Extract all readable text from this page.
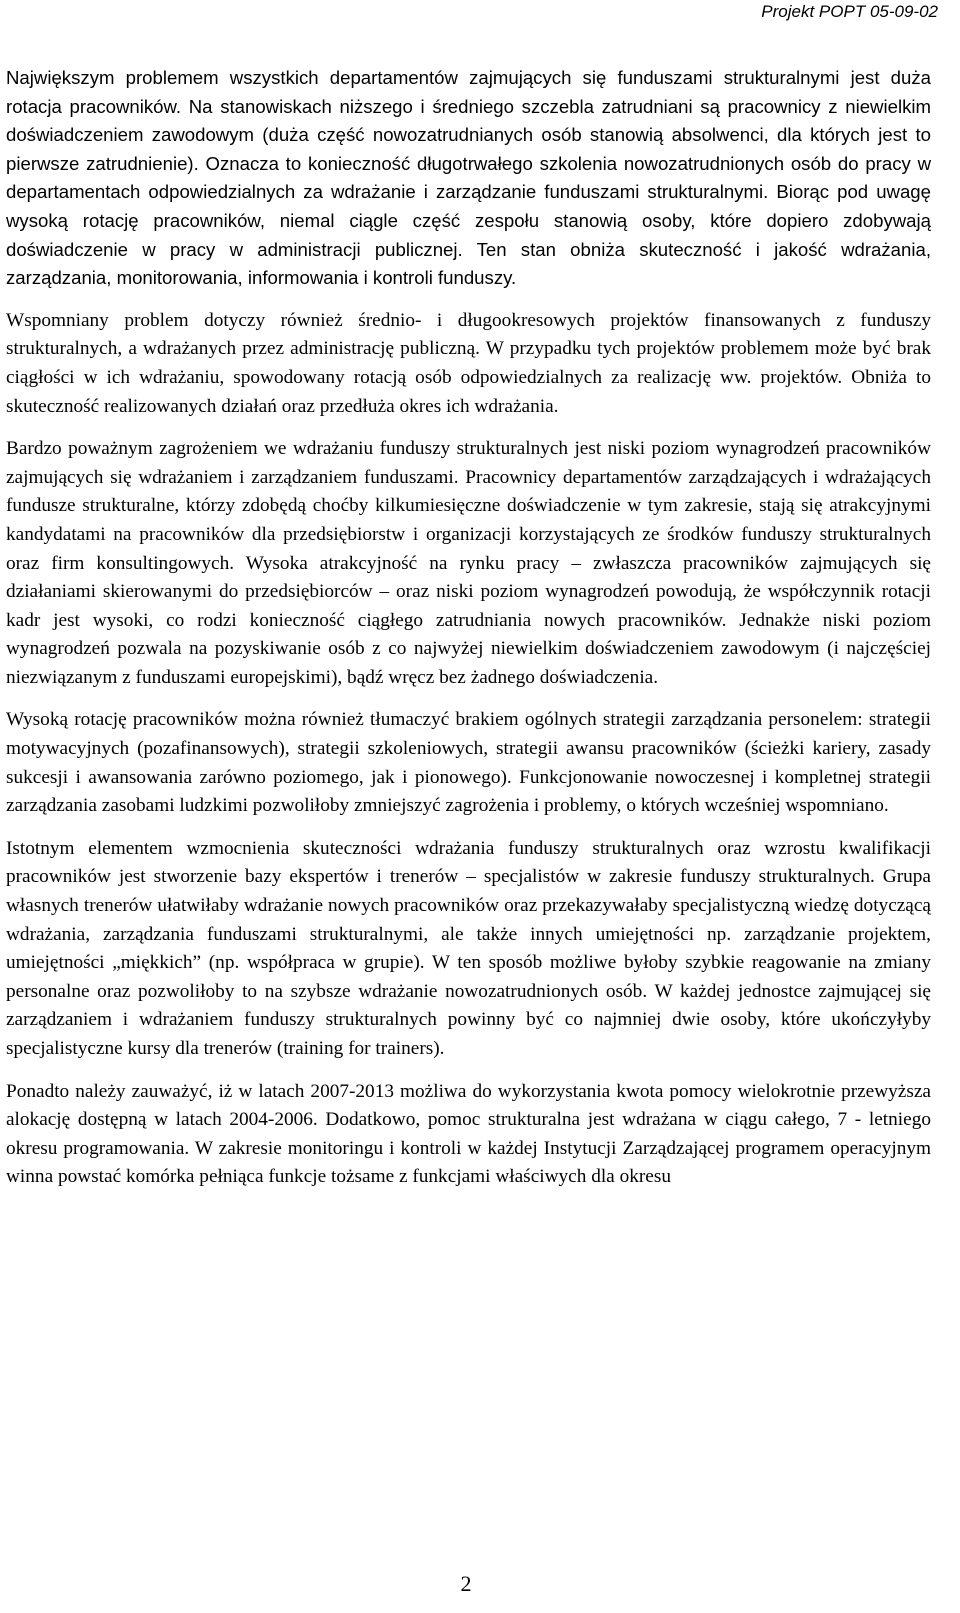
Projekt POPT 05-09-02

Największym problemem wszystkich departamentów zajmujących się funduszami strukturalnymi jest duża rotacja pracowników. Na stanowiskach niższego i średniego szczebla zatrudniani są pracownicy z niewielkim doświadczeniem zawodowym (duża część nowozatrudnianych osób stanowią absolwenci, dla których jest to pierwsze zatrudnienie). Oznacza to konieczność długotrwałego szkolenia nowozatrudnionych osób do pracy w departamentach odpowiedzialnych za wdrażanie i zarządzanie funduszami strukturalnymi. Biorąc pod uwagę wysoką rotację pracowników, niemal ciągle część zespołu stanowią osoby, które dopiero zdobywają doświadczenie w pracy w administracji publicznej. Ten stan obniża skuteczność i jakość wdrażania, zarządzania, monitorowania, informowania i kontroli funduszy.

Wspomniany problem dotyczy również średnio- i długookresowych projektów finansowanych z funduszy strukturalnych, a wdrażanych przez administrację publiczną. W przypadku tych projektów problemem może być brak ciągłości w ich wdrażaniu, spowodowany rotacją osób odpowiedzialnych za realizację ww. projektów. Obniża to skuteczność realizowanych działań oraz przedłuża okres ich wdrażania.

Bardzo poważnym zagrożeniem we wdrażaniu funduszy strukturalnych jest niski poziom wynagrodzeń pracowników zajmujących się wdrażaniem i zarządzaniem funduszami. Pracownicy departamentów zarządzających i wdrażających fundusze strukturalne, którzy zdobędą choćby kilkumiesięczne doświadczenie w tym zakresie, stają się atrakcyjnymi kandydatami na pracowników dla przedsiębiorstw i organizacji korzystających ze środków funduszy strukturalnych oraz firm konsultingowych. Wysoka atrakcyjność na rynku pracy – zwłaszcza pracowników zajmujących się działaniami skierowanymi do przedsiębiorców – oraz niski poziom wynagrodzeń powodują, że współczynnik rotacji kadr jest wysoki, co rodzi konieczność ciągłego zatrudniania nowych pracowników. Jednakże niski poziom wynagrodzeń pozwala na pozyskiwanie osób z co najwyżej niewielkim doświadczeniem zawodowym (i najczęściej niezwiązanym z funduszami europejskimi), bądź wręcz bez żadnego doświadczenia.

Wysoką rotację pracowników można również tłumaczyć brakiem ogólnych strategii zarządzania personelem: strategii motywacyjnych (pozafinansowych), strategii szkoleniowych, strategii awansu pracowników (ścieżki kariery, zasady sukcesji i awansowania zarówno poziomego, jak i pionowego). Funkcjonowanie nowoczesnej i kompletnej strategii zarządzania zasobami ludzkimi pozwoliłoby zmniejszyć zagrożenia i problemy, o których wcześniej wspomniano.

Istotnym elementem wzmocnienia skuteczności wdrażania funduszy strukturalnych oraz wzrostu kwalifikacji pracowników jest stworzenie bazy ekspertów i trenerów – specjalistów w zakresie funduszy strukturalnych. Grupa własnych trenerów ułatwiłaby wdrażanie nowych pracowników oraz przekazywałaby specjalistyczną wiedzę dotyczącą wdrażania, zarządzania funduszami strukturalnymi, ale także innych umiejętności np. zarządzanie projektem, umiejętności „miękkich” (np. współpraca w grupie). W ten sposób możliwe byłoby szybkie reagowanie na zmiany personalne oraz pozwoliłoby to na szybsze wdrażanie nowozatrudnionych osób. W każdej jednostce zajmującej się zarządzaniem i wdrażaniem funduszy strukturalnych powinny być co najmniej dwie osoby, które ukończyłyby specjalistyczne kursy dla trenerów (training for trainers).

Ponadto należy zauważyć, iż w latach 2007-2013 możliwa do wykorzystania kwota pomocy wielokrotnie przewyższa alokację dostępną w latach 2004-2006. Dodatkowo, pomoc strukturalna jest wdrażana w ciągu całego, 7 - letniego okresu programowania. W zakresie monitoringu i kontroli w każdej Instytucji Zarządzającej programem operacyjnym winna powstać komórka pełniąca funkcje tożsame z funkcjami właściwych dla okresu

2
